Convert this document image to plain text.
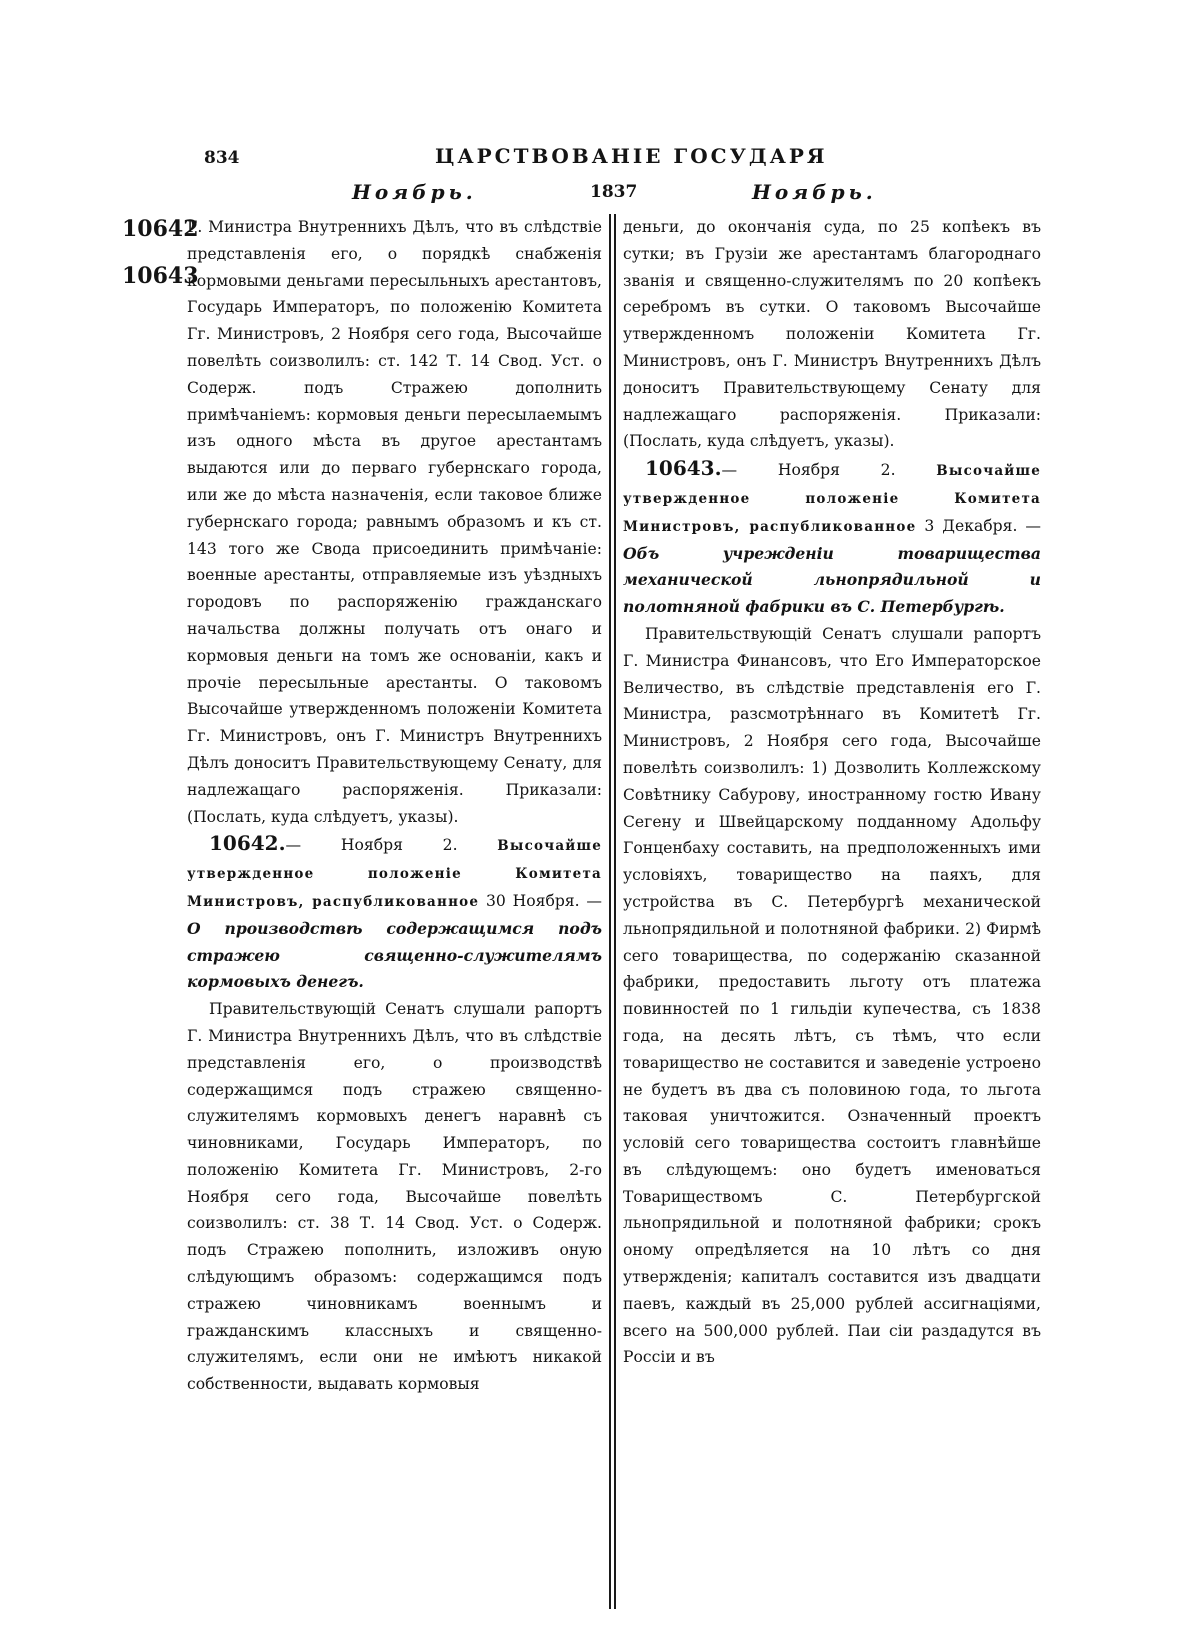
834	ЦАРСТВОВАНІЕ ГОСУДАРЯ
Ноябрь.	1837	Ноябрь.
10642
10643

Г. Министра Внутреннихъ Дѣлъ, что въ слѣдствіе представленія его, о порядкѣ снабженія кормовыми деньгами пересыльныхъ арестантовъ, Государь Императоръ, по положенію Комитета Гг. Министровъ, 2 Ноября сего года, Высочайше повелѣть соизволилъ: ст. 142 Т. 14 Свод. Уст. о Содерж. подъ Стражею дополнить примѣчаніемъ: кормовыя деньги пересылаемымъ изъ одного мѣста въ другое арестантамъ выдаются или до перваго губернскаго города, или же до мѣста назначенія, если таковое ближе губернскаго города; равнымъ образомъ и къ ст. 143 того же Свода присоединить примѣчаніе: военные арестанты, отправляемые изъ уѣздныхъ городовъ по распоряженію гражданскаго начальства должны получать отъ онаго и кормовыя деньги на томъ же основаніи, какъ и прочіе пересыльные арестанты. О таковомъ Высочайше утвержденномъ положеніи Комитета Гг. Министровъ, онъ Г. Министръ Внутреннихъ Дѣлъ доноситъ Правительствующему Сенату, для надлежащаго распоряженія. Приказали: (Послать, куда слѣдуетъ, указы).

10642.— Ноября 2. Высочайше утвержденное положеніе Комитета Министровъ, распубликованное 30 Ноября. — О производствѣ содержащимся подъ стражею священно-служителямъ кормовыхъ денегъ.

Правительствующій Сенатъ слушали рапортъ Г. Министра Внутреннихъ Дѣлъ, что въ слѣдствіе представленія его, о производствѣ содержащимся подъ стражею священно-служителямъ кормовыхъ денегъ наравнѣ съ чиновниками, Государь Императоръ, по положенію Комитета Гг. Министровъ, 2-го Ноября сего года, Высочайше повелѣть соизволилъ: ст. 38 Т. 14 Свод. Уст. о Содерж. подъ Стражею пополнить, изложивъ оную слѣдующимъ образомъ: содержащимся подъ стражею чиновникамъ военнымъ и гражданскимъ классныхъ и священно-служителямъ, если они не имѣютъ никакой собственности, выдавать кормовыя

деньги, до окончанія суда, по 25 копѣекъ въ сутки; въ Грузіи же арестантамъ благороднаго званія и священно-служителямъ по 20 копѣекъ серебромъ въ сутки. О таковомъ Высочайше утвержденномъ положеніи Комитета Гг. Министровъ, онъ Г. Министръ Внутреннихъ Дѣлъ доноситъ Правительствующему Сенату для надлежащаго распоряженія. Приказали: (Послать, куда слѣдуетъ, указы).

10643.— Ноября 2. Высочайше утвержденное положеніе Комитета Министровъ, распубликованное 3 Декабря. — Объ учрежденіи товарищества механической льнопрядильной и полотняной фабрики въ С. Петербургѣ.

Правительствующій Сенатъ слушали рапортъ Г. Министра Финансовъ, что Его Императорское Величество, въ слѣдствіе представленія его Г. Министра, разсмотрѣннаго въ Комитетѣ Гг. Министровъ, 2 Ноября сего года, Высочайше повелѣть соизволилъ: 1) Дозволить Коллежскому Совѣтнику Сабурову, иностранному гостю Ивану Сегену и Швейцарскому подданному Адольфу Гонценбаху составить, на предположенныхъ ими условіяхъ, товарищество на паяхъ, для устройства въ С. Петербургѣ механической льнопрядильной и полотняной фабрики. 2) Фирмѣ сего товарищества, по содержанію сказанной фабрики, предоставить льготу отъ платежа повинностей по 1 гильдіи купечества, съ 1838 года, на десять лѣтъ, съ тѣмъ, что если товарищество не составится и заведеніе устроено не будетъ въ два съ половиною года, то льгота таковая уничтожится. Означенный проектъ условій сего товарищества состоитъ главнѣйше въ слѣдующемъ: оно будетъ именоваться Товариществомъ С. Петербургской льнопрядильной и полотняной фабрики; срокъ оному опредѣляется на 10 лѣтъ со дня утвержденія; капиталъ составится изъ двадцати паевъ, каждый въ 25,000 рублей ассигнаціями, всего на 500,000 рублей. Паи сіи раздадутся въ Россіи и въ
